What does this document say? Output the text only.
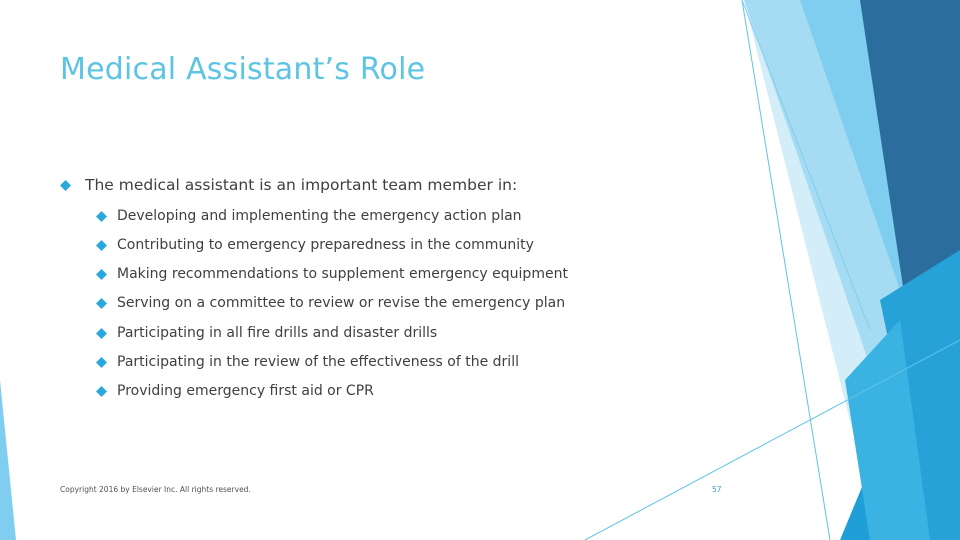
Medical Assistant’s Role
The medical assistant is an important team member in:
Developing and implementing the emergency action plan
Contributing to emergency preparedness in the community
Making recommendations to supplement emergency equipment
Serving on a committee to review or revise the emergency plan
Participating in all fire drills and disaster drills
Participating in the review of the effectiveness of the drill
Providing emergency first aid or CPR
Copyright 2016 by Elsevier Inc. All rights reserved.	57
